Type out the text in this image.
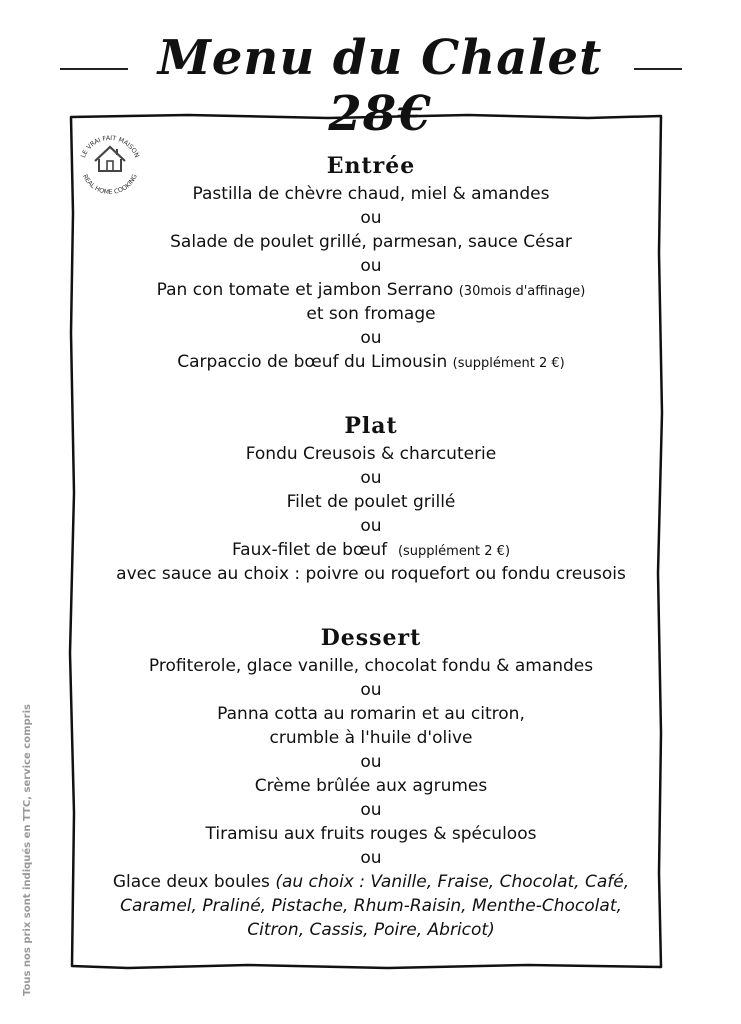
Menu du Chalet 28€
LE VRAI FAIT MAISON
REAL HOME COOKING	Entrée
Pastilla de chèvre chaud, miel & amandes
ou
Salade de poulet grillé, parmesan, sauce César
ou
Pan con tomate et jambon Serrano (30mois d'affinage)
et son fromage
ou
Carpaccio de bœuf du Limousin (supplément 2 €)
Plat
Fondu Creusois & charcuterie
ou
Filet de poulet grillé
ou
Faux-filet de bœuf (supplément 2 €)
avec sauce au choix : poivre ou roquefort ou fondu creusois
Dessert
Profiterole, glace vanille, chocolat fondu & amandes
ou
Panna cotta au romarin et au citron,
crumble à l'huile d'olive
ou
Crème brûlée aux agrumes
ou
Tiramisu aux fruits rouges & spéculoos
ou
Glace deux boules (au choix : Vanille, Fraise, Chocolat, Café,
Caramel, Praliné, Pistache, Rhum-Raisin, Menthe-Chocolat,
Citron, Cassis, Poire, Abricot)
Tous nos prix sont indiqués en TTC, service compris
